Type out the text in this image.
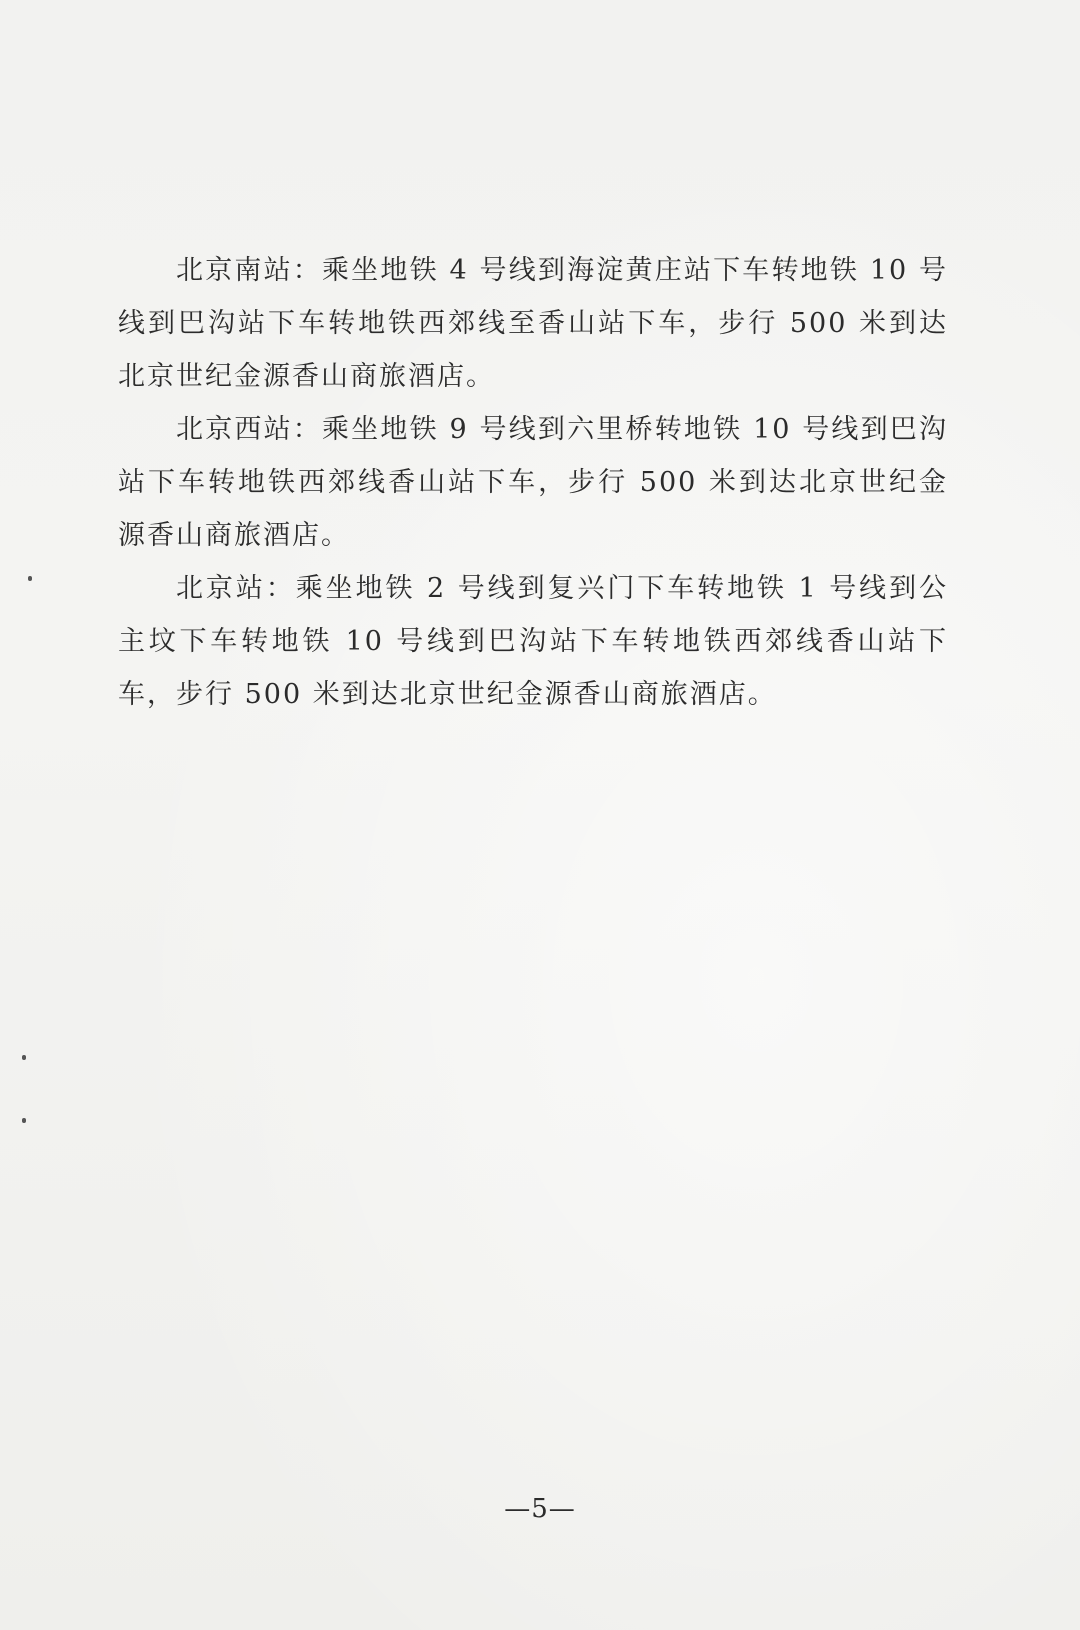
北京南站：乘坐地铁 4 号线到海淀黄庄站下车转地铁 10 号线到巴沟站下车转地铁西郊线至香山站下车，步行 500 米到达北京世纪金源香山商旅酒店。

北京西站：乘坐地铁 9 号线到六里桥转地铁 10 号线到巴沟站下车转地铁西郊线香山站下车，步行 500 米到达北京世纪金源香山商旅酒店。

北京站：乘坐地铁 2 号线到复兴门下车转地铁 1 号线到公主坟下车转地铁 10 号线到巴沟站下车转地铁西郊线香山站下车，步行 500 米到达北京世纪金源香山商旅酒店。

—5—
